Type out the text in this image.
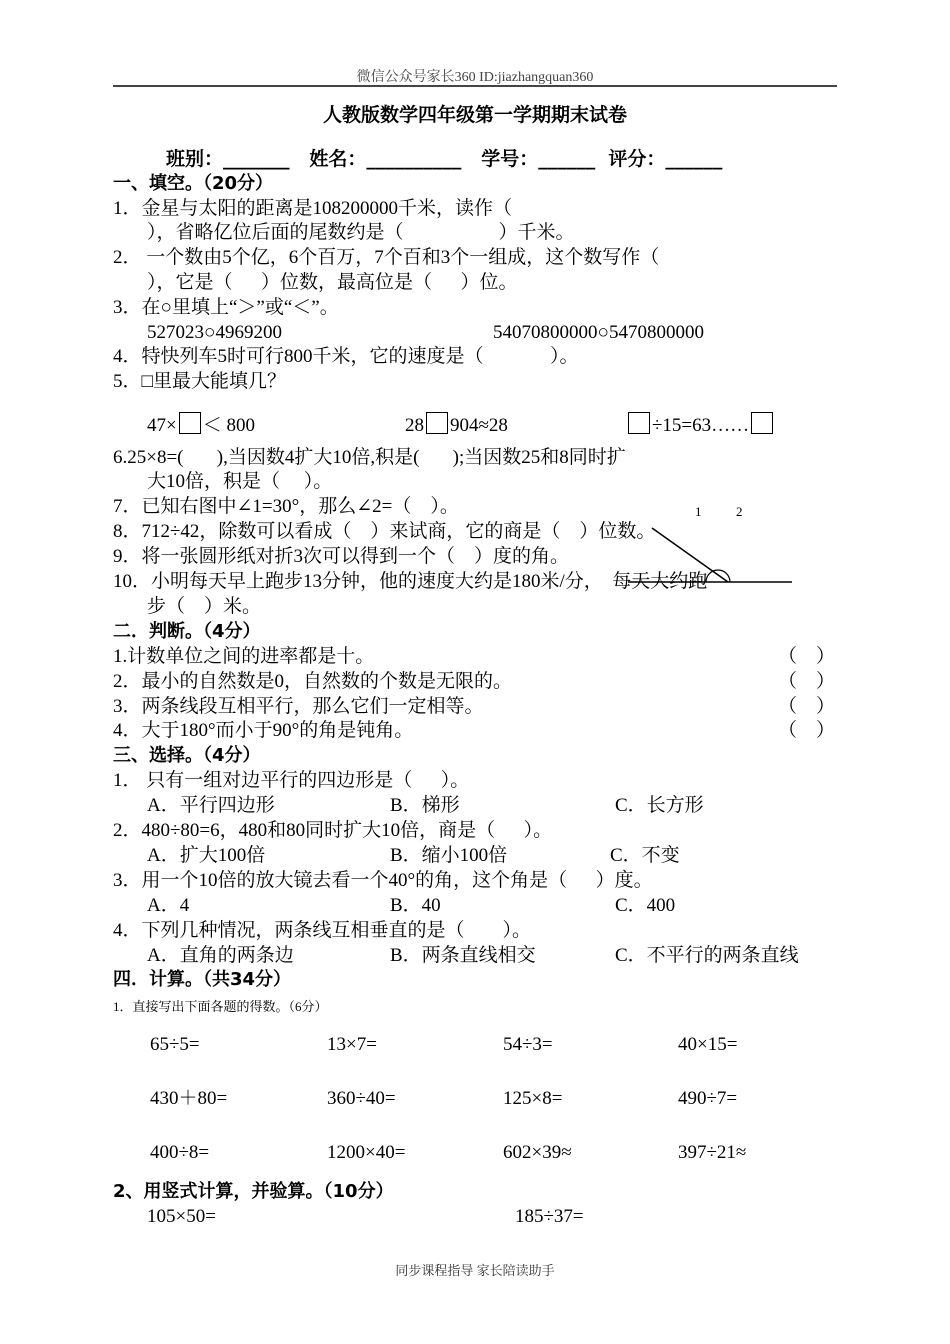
微信公众号家长360 ID:jiazhangquan360
人教版数学四年级第一学期期末试卷
班别：_______   姓名：__________   学号：______  评分：______
一、填空。（20分）
1．金星与太阳的距离是108200000千米，读作（
），省略亿位后面的尾数约是（                    ）千米。
2． 一个数由5个亿，6个百万，7个百和3个一组成，这个数写作（
），它是（      ）位数，最高位是（      ）位。
3．在○里填上“＞”或“＜”。
527023○4969200	54070800000○5470800000
4．特快列车5时可行800千米，它的速度是（              ）。
5．□里最大能填几？
47× ＜ 800	28 904≈28	÷15=63……
6.25×8=(       ),当因数4扩大10倍,积是(       );当因数25和8同时扩
大10倍，积是（     ）。
7．已知右图中∠1=30°，那么∠2=（    ）。
8．712÷42，除数可以看成（    ）来试商，它的商是（    ）位数。
9．将一张圆形纸对折3次可以得到一个（    ）度的角。
10．小明每天早上跑步13分钟，他的速度大约是180米/分，  每天大约跑
步（    ）米。
1	2
二．判断。（4分）
1.计数单位之间的进率都是十。	（    ）
2．最小的自然数是0，自然数的个数是无限的。	（    ）
3．两条线段互相平行，那么它们一定相等。	（    ）
4．大于180°而小于90°的角是钝角。	（    ）
三、选择。（4分）
1． 只有一组对边平行的四边形是（      ）。
A．平行四边形	B．梯形	C．长方形
2．480÷80=6，480和80同时扩大10倍，商是（      ）。
A．扩大100倍	B．缩小100倍	C．不变
3．用一个10倍的放大镜去看一个40°的角，这个角是（      ）度。
A．4	B．40	C．400
4．下列几种情况，两条线互相垂直的是（        ）。
A．直角的两条边	B．两条直线相交	C．不平行的两条直线
四．计算。（共34分）
1．直接写出下面各题的得数。（6分）
65÷5=	13×7=	54÷3=	40×15=
430＋80=	360÷40=	125×8=	490÷7=
400÷8=	1200×40=	602×39≈	397÷21≈
2、用竖式计算，并验算。（10分）
105×50=	185÷37=
同步课程指导 家长陪读助手
